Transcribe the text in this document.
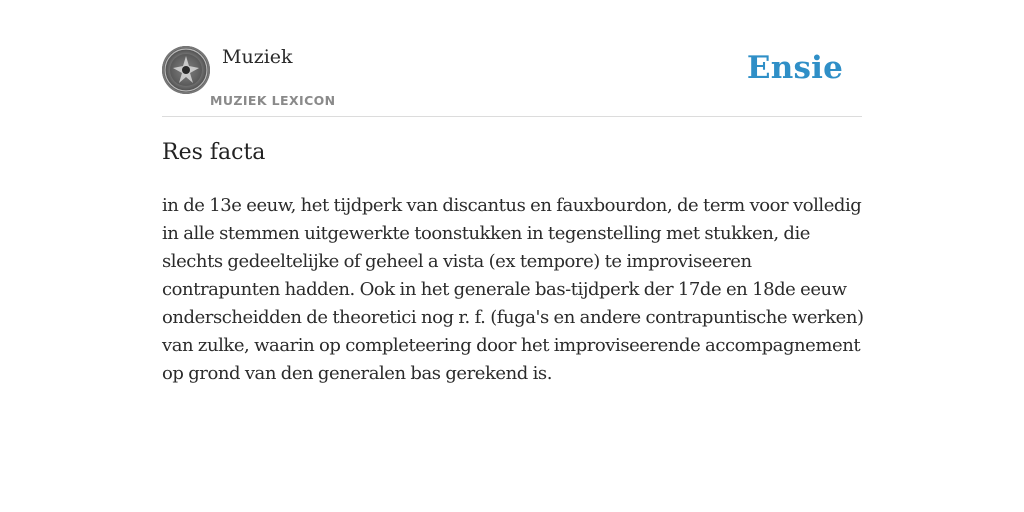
Muziek
MUZIEK LEXICON
Ensie
Res facta

in de 13e eeuw, het tijdperk van discantus en fauxbourdon, de term voor volledig
in alle stemmen uitgewerkte toonstukken in tegenstelling met stukken, die
slechts gedeeltelijke of geheel a vista (ex tempore) te improviseeren
contrapunten hadden. Ook in het generale bas-tijdperk der 17de en 18de eeuw
onderscheidden de theoretici nog r. f. (fuga's en andere contrapuntische werken)
van zulke, waarin op completeering door het improviseerende accompagnement
op grond van den generalen bas gerekend is.
